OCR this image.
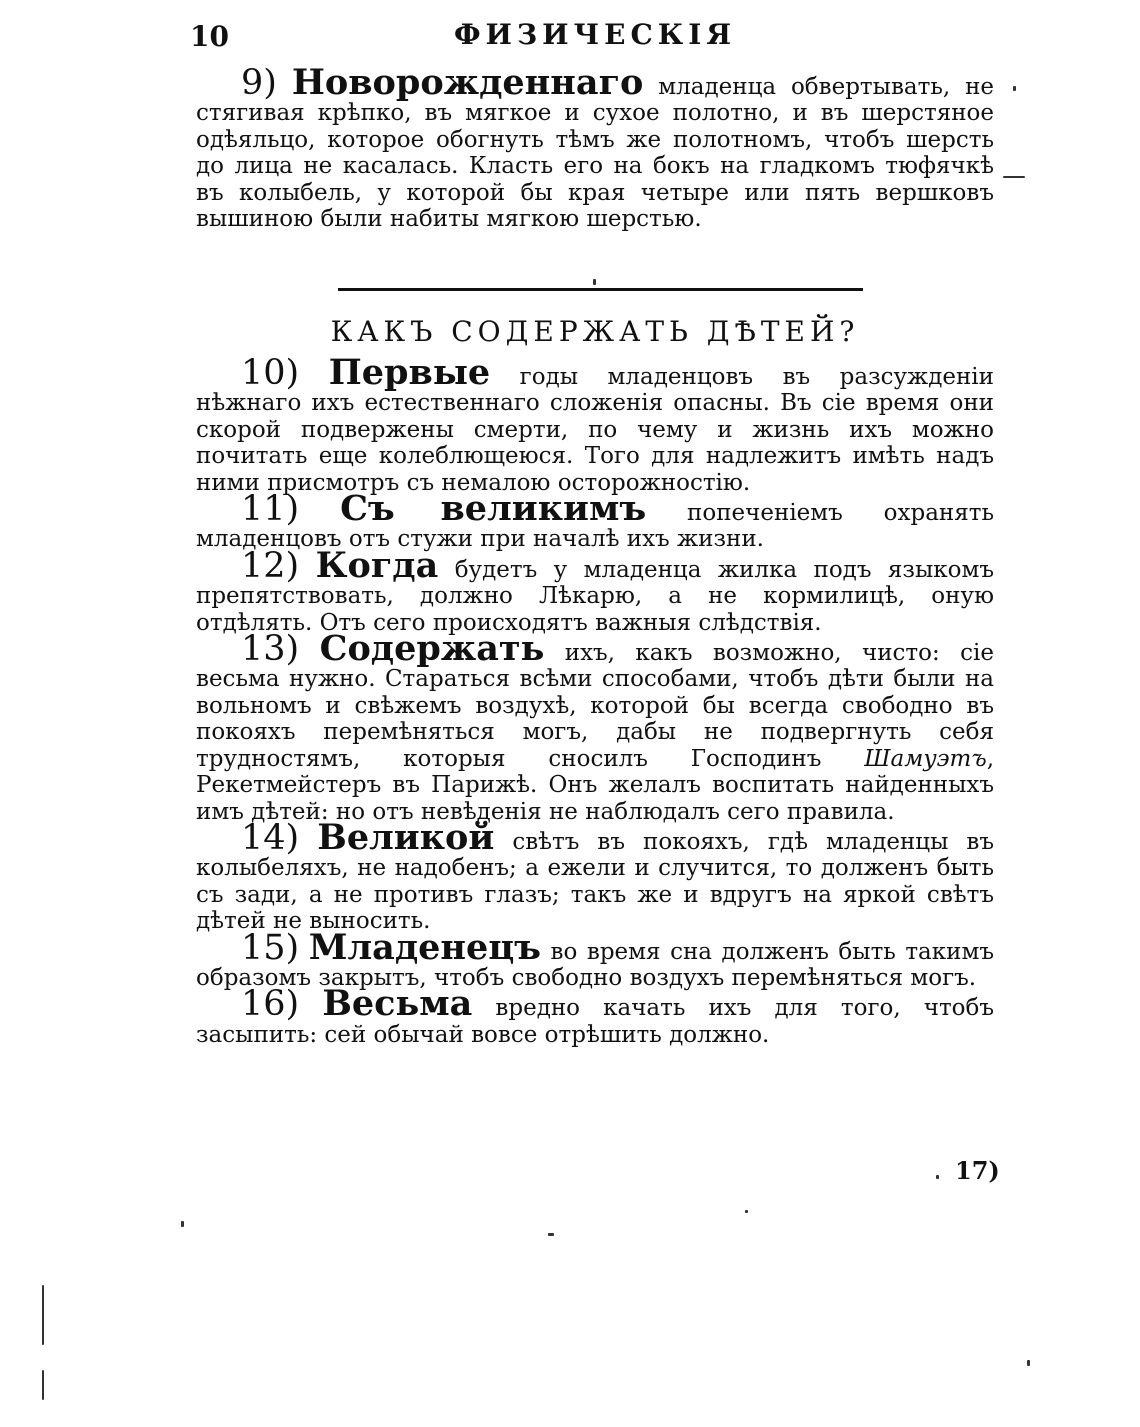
10	ФИЗИЧЕСКІЯ

9) Новорожденнаго младенца обвертывать, не стягивая крѣпко, въ мягкое и сухое полотно, и въ шерстяное одѣяльцо, которое обогнуть тѣмъ же полотномъ, чтобъ шерсть до лица не касалась. Класть его на бокъ на гладкомъ тюфячкѣ въ колыбель, у которой бы края четыре или пять вершковъ вышиною были набиты мягкою шерстью.

КАКЪ СОДЕРЖАТЬ ДѢТЕЙ?

10) Первые годы младенцовъ въ разсужденіи нѣжнаго ихъ естественнаго сложенія опасны. Въ сіе время они скорой подвержены смерти, по чему и жизнь ихъ можно почитать еще колеблющеюся. Того для надлежитъ имѣть надъ ними присмотръ съ немалою осторожностію.

11) Съ великимъ попеченіемъ охранять младенцовъ отъ стужи при началѣ ихъ жизни.

12) Когда будетъ у младенца жилка подъ языкомъ препятствовать, должно Лѣкарю, а не кормилицѣ, оную отдѣлять. Отъ сего происходятъ важныя слѣдствія.

13) Содержать ихъ, какъ возможно, чисто: сіе весьма нужно. Стараться всѣми способами, чтобъ дѣти были на вольномъ и свѣжемъ воздухѣ, которой бы всегда свободно въ покояхъ перемѣняться могъ, дабы не подвергнуть себя трудностямъ, которыя сносилъ Господинъ Шамуэтъ, Рекетмейстеръ въ Парижѣ. Онъ желалъ воспитать найденныхъ имъ дѣтей: но отъ невѣденія не наблюдалъ сего правила.

14) Великой свѣтъ въ покояхъ, гдѣ младенцы въ колыбеляхъ, не надобенъ; а ежели и случится, то долженъ быть съ зади, а не противъ глазъ; такъ же и вдругъ на яркой свѣтъ дѣтей не выносить.

15) Младенецъ во время сна долженъ быть такимъ образомъ закрытъ, чтобъ свободно воздухъ перемѣняться могъ.

16) Весьма вредно качать ихъ для того, чтобъ засыпить: сей обычай вовсе отрѣшить должно.

17)
